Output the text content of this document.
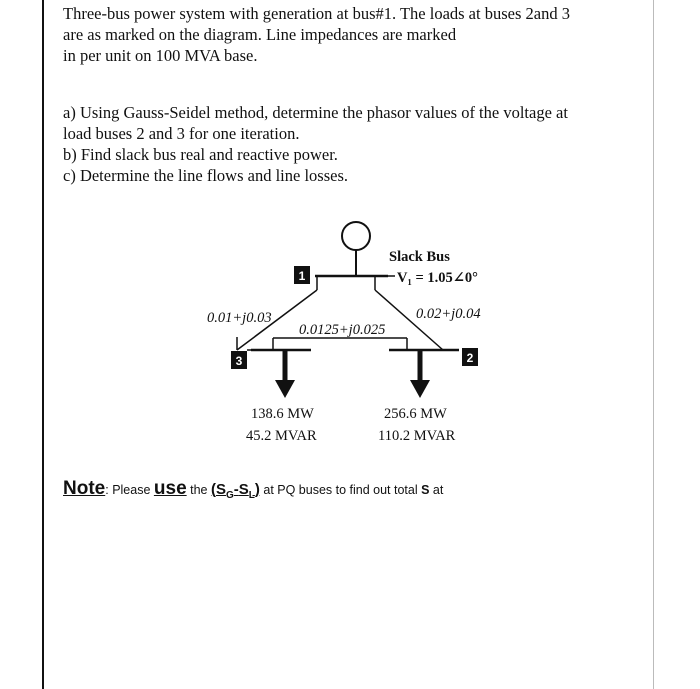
Three-bus power system with generation at bus#1. The loads at buses 2and 3
are as marked on the diagram. Line impedances are marked
in per unit on 100 MVA base.
a) Using Gauss-Seidel method, determine the phasor values of the voltage at
load buses 2 and 3 for one iteration.
b) Find slack bus real and reactive power.
c) Determine the line flows and line losses.
1
3	2
Slack Bus
V₁ = 1.05∠0°
0.01+j0.03	0.02+j0.04
0.0125+j0.025
138.6 MW
45.2 MVAR
256.6 MW
110.2 MVAR
Note: Please use the $(S_G-S_L)$ at PQ buses to find out total S at
